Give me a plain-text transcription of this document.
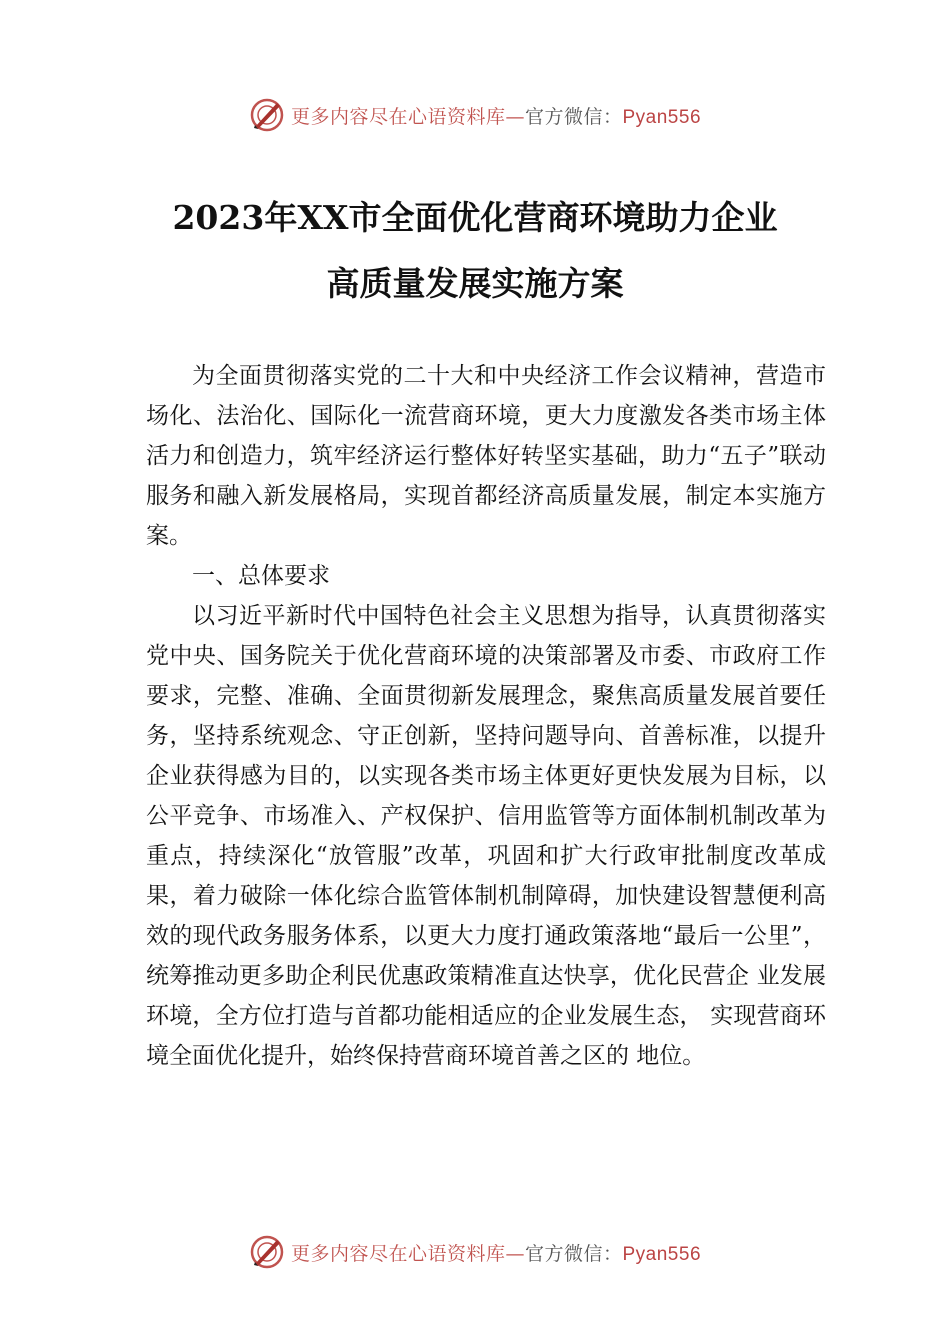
更多内容尽在心语资料库—官方微信：Pyan556
2023年XX市全面优化营商环境助力企业
高质量发展实施方案

为全面贯彻落实党的二十大和中央经济工作会议精神，营造市场化、法治化、国际化一流营商环境，更大力度激发各类市场主体活力和创造力，筑牢经济运行整体好转坚实基础，助力“五子”联动服务和融入新发展格局，实现首都经济高质量发展，制定本实施方案。

一、总体要求

以习近平新时代中国特色社会主义思想为指导，认真贯彻落实党中央、国务院关于优化营商环境的决策部署及市委、市政府工作要求，完整、准确、全面贯彻新发展理念，聚焦高质量发展首要任务，坚持系统观念、守正创新，坚持问题导向、首善标准，以提升企业获得感为目的，以实现各类市场主体更好更快发展为目标，以公平竞争、市场准入、产权保护、信用监管等方面体制机制改革为重点，持续深化“放管服”改革，巩固和扩大行政审批制度改革成果，着力破除一体化综合监管体制机制障碍，加快建设智慧便利高效的现代政务服务体系，以更大力度打通政策落地“最后一公里”， 统筹推动更多助企利民优惠政策精准直达快享，优化民营企 业发展环境，全方位打造与首都功能相适应的企业发展生态， 实现营商环境全面优化提升，始终保持营商环境首善之区的 地位。

更多内容尽在心语资料库—官方微信：Pyan556
